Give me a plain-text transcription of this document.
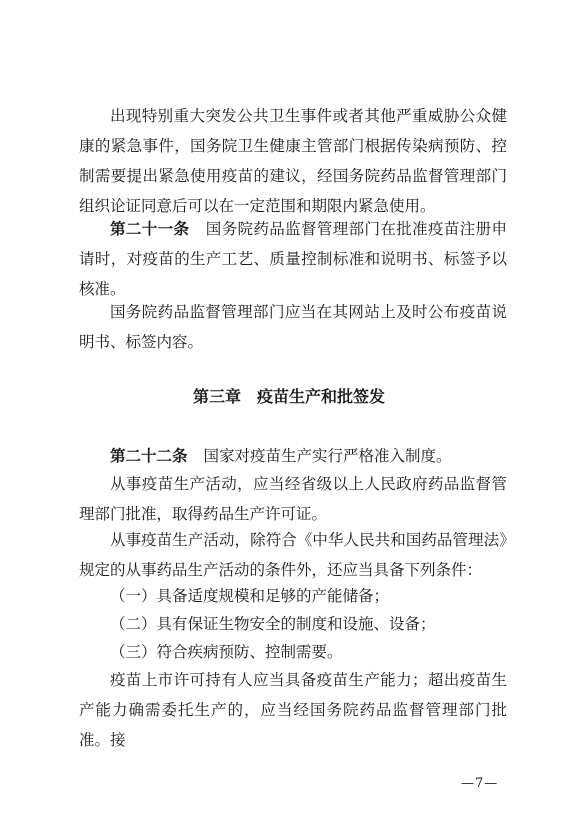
出现特别重大突发公共卫生事件或者其他严重威胁公众健康的紧急事件，国务院卫生健康主管部门根据传染病预防、控制需要提出紧急使用疫苗的建议，经国务院药品监督管理部门组织论证同意后可以在一定范围和期限内紧急使用。

第二十一条 国务院药品监督管理部门在批准疫苗注册申请时，对疫苗的生产工艺、质量控制标准和说明书、标签予以核准。

国务院药品监督管理部门应当在其网站上及时公布疫苗说明书、标签内容。

第三章　疫苗生产和批签发

第二十二条 国家对疫苗生产实行严格准入制度。

从事疫苗生产活动，应当经省级以上人民政府药品监督管理部门批准，取得药品生产许可证。

从事疫苗生产活动，除符合《中华人民共和国药品管理法》规定的从事药品生产活动的条件外，还应当具备下列条件：

（一）具备适度规模和足够的产能储备；

（二）具有保证生物安全的制度和设施、设备；

（三）符合疾病预防、控制需要。

疫苗上市许可持有人应当具备疫苗生产能力；超出疫苗生产能力确需委托生产的，应当经国务院药品监督管理部门批准。接

—7—
